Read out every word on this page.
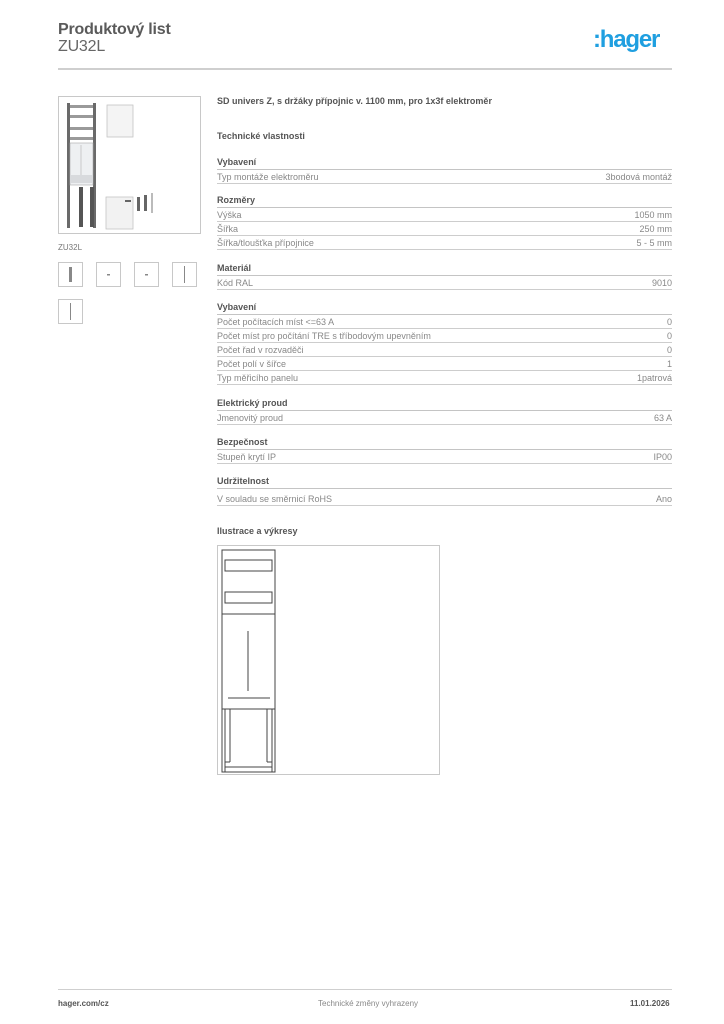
Produktový list
ZU32L	:hager
ZU32L
SD univers Z, s držáky přípojnic v. 1100 mm, pro 1x3f elektroměr
Technické vlastnosti
Vybavení
Typ montáže elektroměru	3bodová montáž
Rozměry
Výška	1050 mm
Šířka	250 mm
Šířka/tloušťka přípojnice	5 - 5 mm
Materiál
Kód RAL	9010
Vybavení
Počet počítacích míst <=63 A	0
Počet míst pro počítání TRE s tříbodovým upevněním	0
Počet řad v rozvaděči	0
Počet polí v šířce	1
Typ měřicího panelu	1patrová
Elektrický proud
Jmenovitý proud	63 A
Bezpečnost
Stupeň krytí IP	IP00
Udržitelnost
V souladu se směrnicí RoHS	Ano
Ilustrace a výkresy
hager.com/cz	Technické změny vyhrazeny	11.01.2026
